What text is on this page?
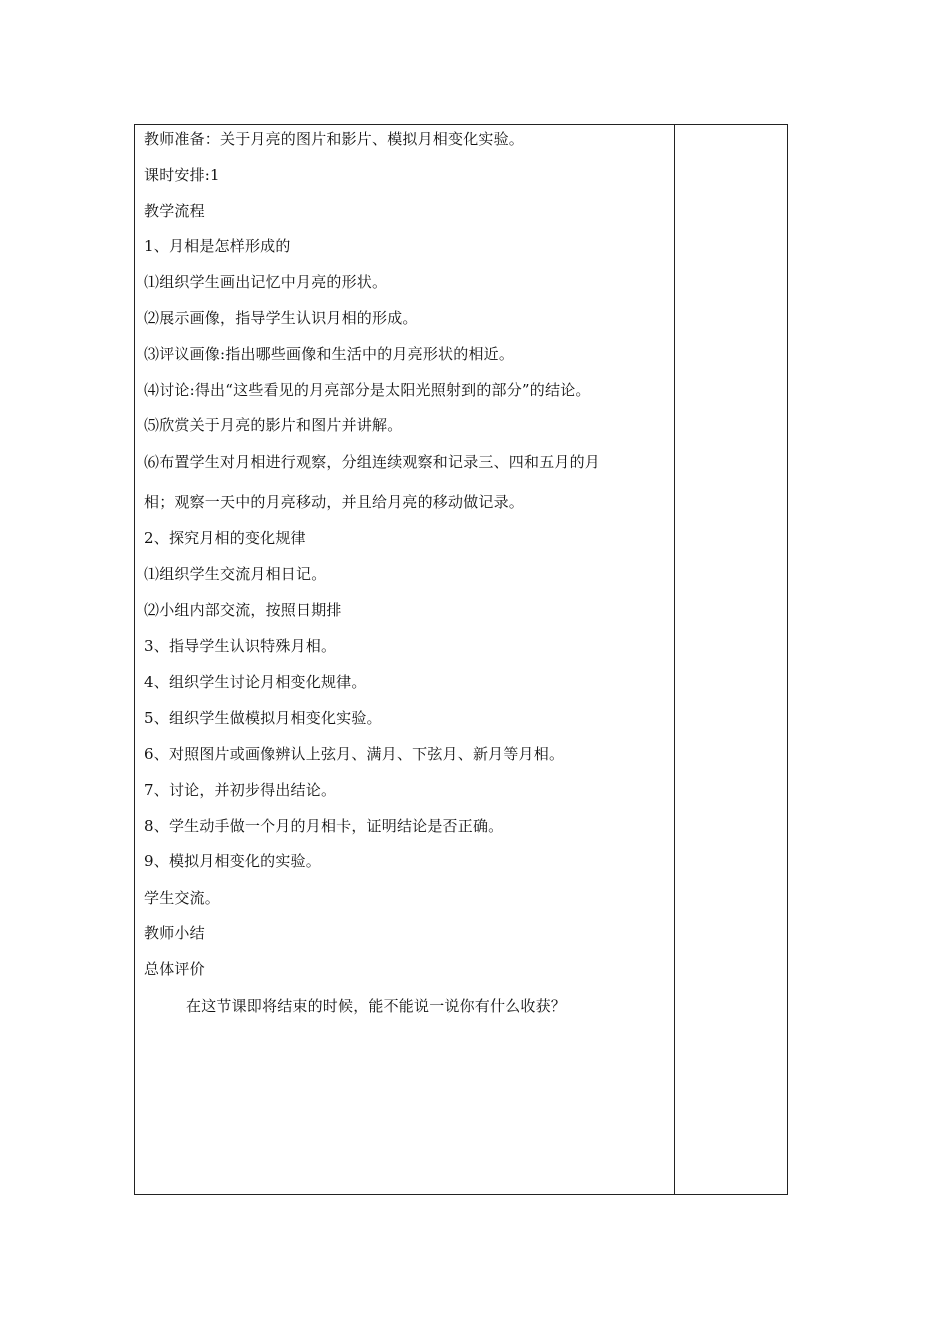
教师准备：关于月亮的图片和影片、模拟月相变化实验。
课时安排:1
教学流程
1、月相是怎样形成的
⑴组织学生画出记忆中月亮的形状。
⑵展示画像，指导学生认识月相的形成。
⑶评议画像:指出哪些画像和生活中的月亮形状的相近。
⑷讨论:得出“这些看见的月亮部分是太阳光照射到的部分”的结论。
⑸欣赏关于月亮的影片和图片并讲解。
⑹布置学生对月相进行观察，分组连续观察和记录三、四和五月的月
相；观察一天中的月亮移动，并且给月亮的移动做记录。
2、探究月相的变化规律
⑴组织学生交流月相日记。
⑵小组内部交流，按照日期排
3、指导学生认识特殊月相。
4、组织学生讨论月相变化规律。
5、组织学生做模拟月相变化实验。
6、对照图片或画像辨认上弦月、满月、下弦月、新月等月相。
7、讨论，并初步得出结论。
8、学生动手做一个月的月相卡，证明结论是否正确。
9、模拟月相变化的实验。
学生交流。
教师小结
总体评价
在这节课即将结束的时候，能不能说一说你有什么收获？
